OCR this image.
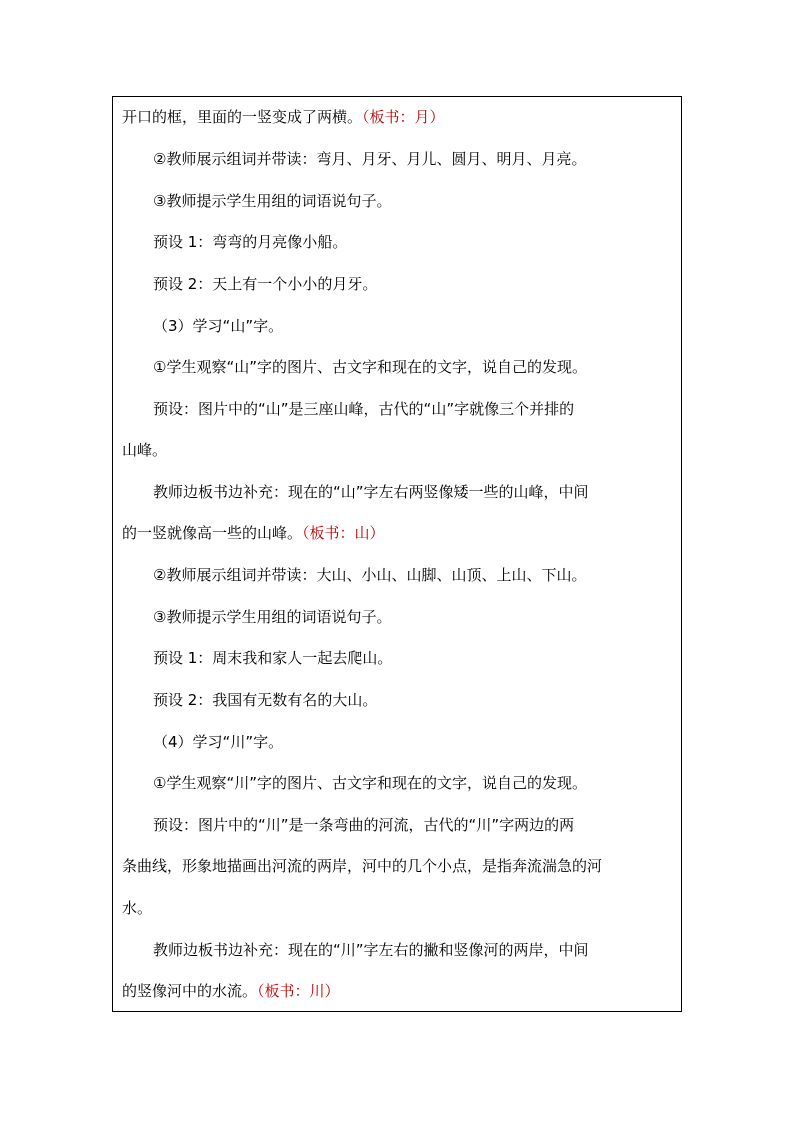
开口的框，里面的一竖变成了两横。（板书：月）
②教师展示组词并带读：弯月、月牙、月儿、圆月、明月、月亮。
③教师提示学生用组的词语说句子。
预设 1：弯弯的月亮像小船。
预设 2：天上有一个小小的月牙。
（3）学习“山”字。
①学生观察“山”字的图片、古文字和现在的文字，说自己的发现。
预设：图片中的“山”是三座山峰，古代的“山”字就像三个并排的
山峰。
教师边板书边补充：现在的“山”字左右两竖像矮一些的山峰，中间
的一竖就像高一些的山峰。（板书：山）
②教师展示组词并带读：大山、小山、山脚、山顶、上山、下山。
③教师提示学生用组的词语说句子。
预设 1：周末我和家人一起去爬山。
预设 2：我国有无数有名的大山。
（4）学习“川”字。
①学生观察“川”字的图片、古文字和现在的文字，说自己的发现。
预设：图片中的“川”是一条弯曲的河流，古代的“川”字两边的两
条曲线，形象地描画出河流的两岸，河中的几个小点，是指奔流湍急的河
水。
教师边板书边补充：现在的“川”字左右的撇和竖像河的两岸，中间
的竖像河中的水流。（板书：川）
